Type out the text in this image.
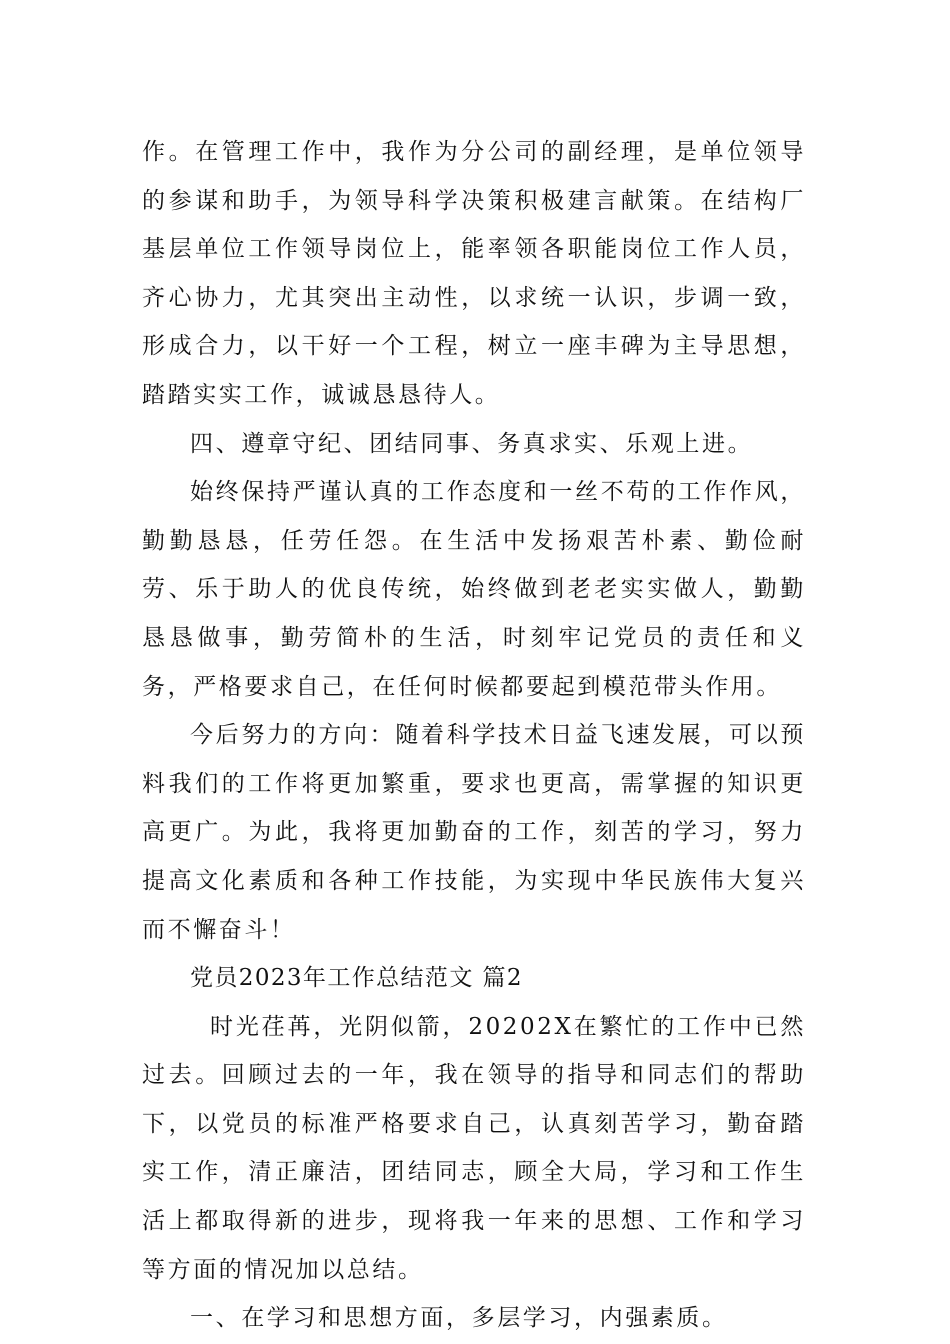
作。在管理工作中，我作为分公司的副经理，是单位领导的参谋和助手，为领导科学决策积极建言献策。在结构厂基层单位工作领导岗位上，能率领各职能岗位工作人员，齐心协力，尤其突出主动性，以求统一认识，步调一致，形成合力，以干好一个工程，树立一座丰碑为主导思想，踏踏实实工作，诚诚恳恳待人。

四、遵章守纪、团结同事、务真求实、乐观上进。

始终保持严谨认真的工作态度和一丝不苟的工作作风，勤勤恳恳，任劳任怨。在生活中发扬艰苦朴素、勤俭耐劳、乐于助人的优良传统，始终做到老老实实做人，勤勤恳恳做事，勤劳简朴的生活，时刻牢记党员的责任和义务，严格要求自己，在任何时候都要起到模范带头作用。

今后努力的方向：随着科学技术日益飞速发展，可以预料我们的工作将更加繁重，要求也更高，需掌握的知识更高更广。为此，我将更加勤奋的工作，刻苦的学习，努力提高文化素质和各种工作技能，为实现中华民族伟大复兴而不懈奋斗！

党员2023年工作总结范文 篇2

时光荏苒，光阴似箭，20202X在繁忙的工作中已然过去。回顾过去的一年，我在领导的指导和同志们的帮助下，以党员的标准严格要求自己，认真刻苦学习，勤奋踏实工作，清正廉洁，团结同志，顾全大局，学习和工作生活上都取得新的进步，现将我一年来的思想、工作和学习等方面的情况加以总结。

一、在学习和思想方面，多层学习，内强素质。
